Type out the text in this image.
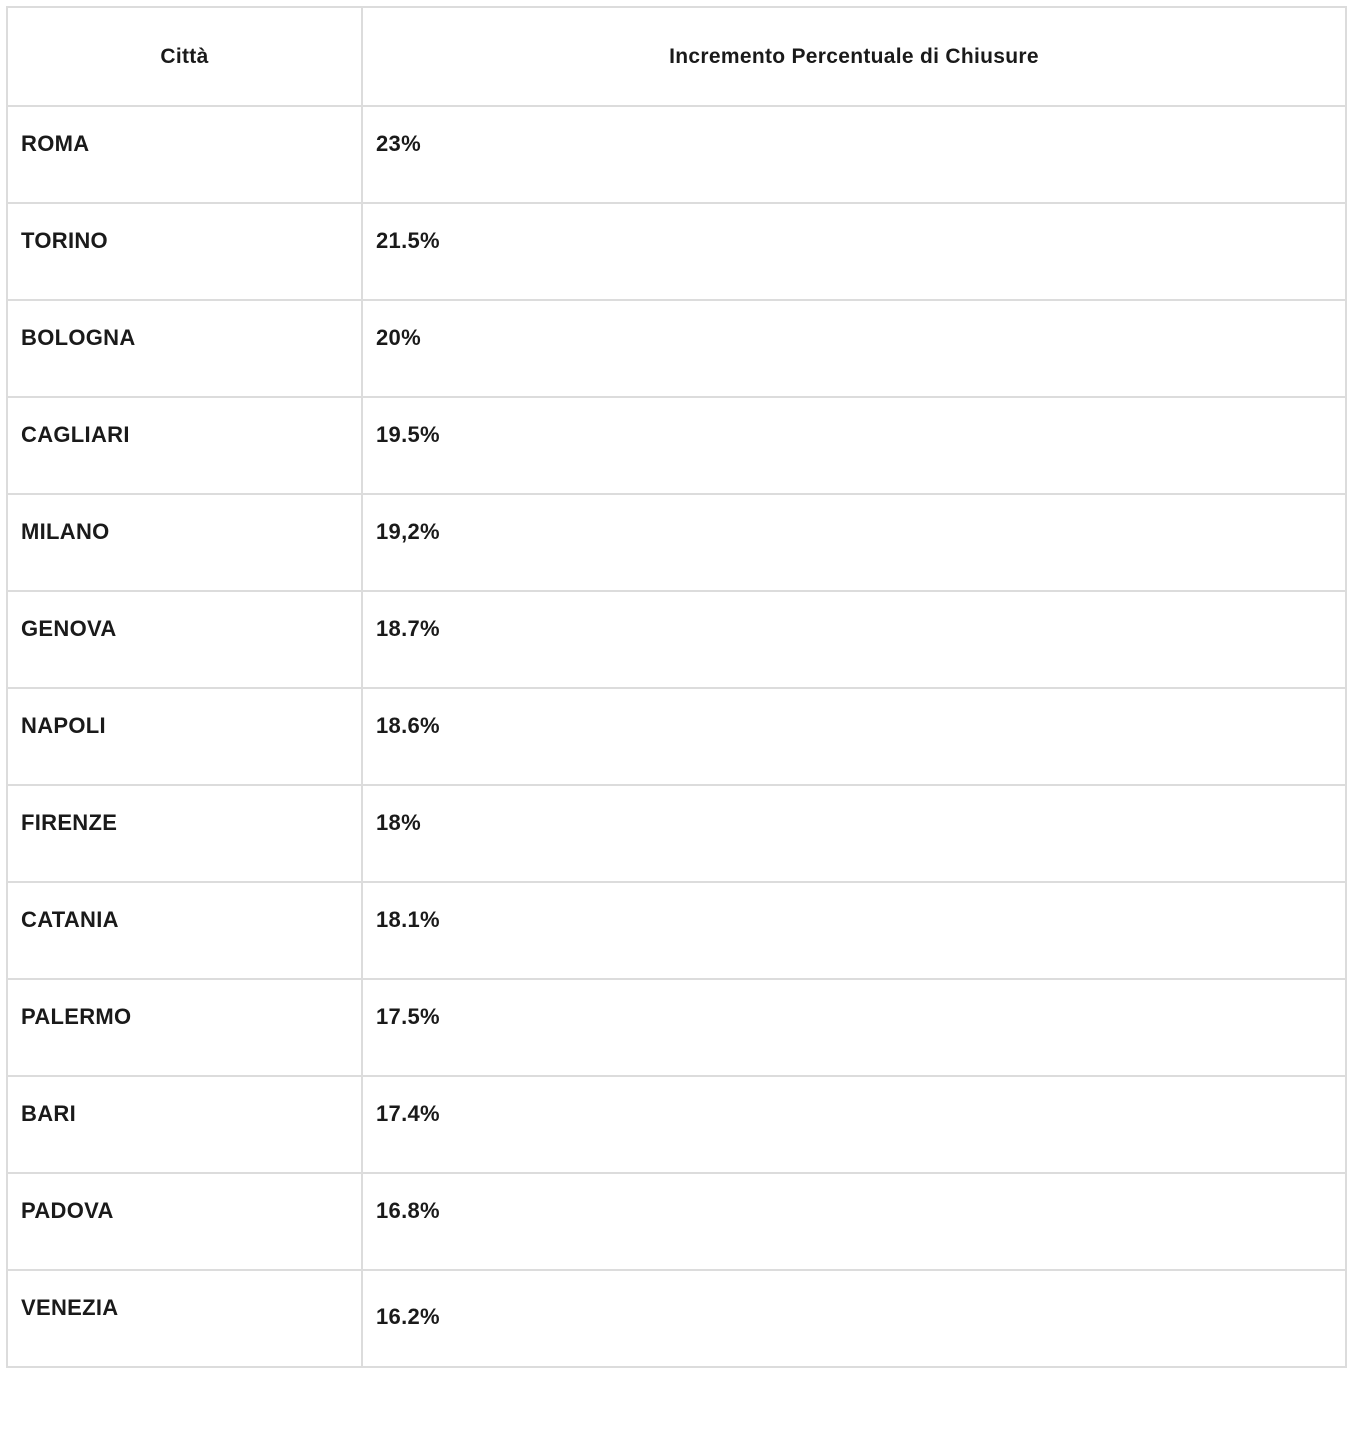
Città	Incremento Percentuale di Chiusure
ROMA	23%
TORINO	21.5%
BOLOGNA	20%
CAGLIARI	19.5%
MILANO	19,2%
GENOVA	18.7%
NAPOLI	18.6%
FIRENZE	18%
CATANIA	18.1%
PALERMO	17.5%
BARI	17.4%
PADOVA	16.8%
VENEZIA	16.2%
